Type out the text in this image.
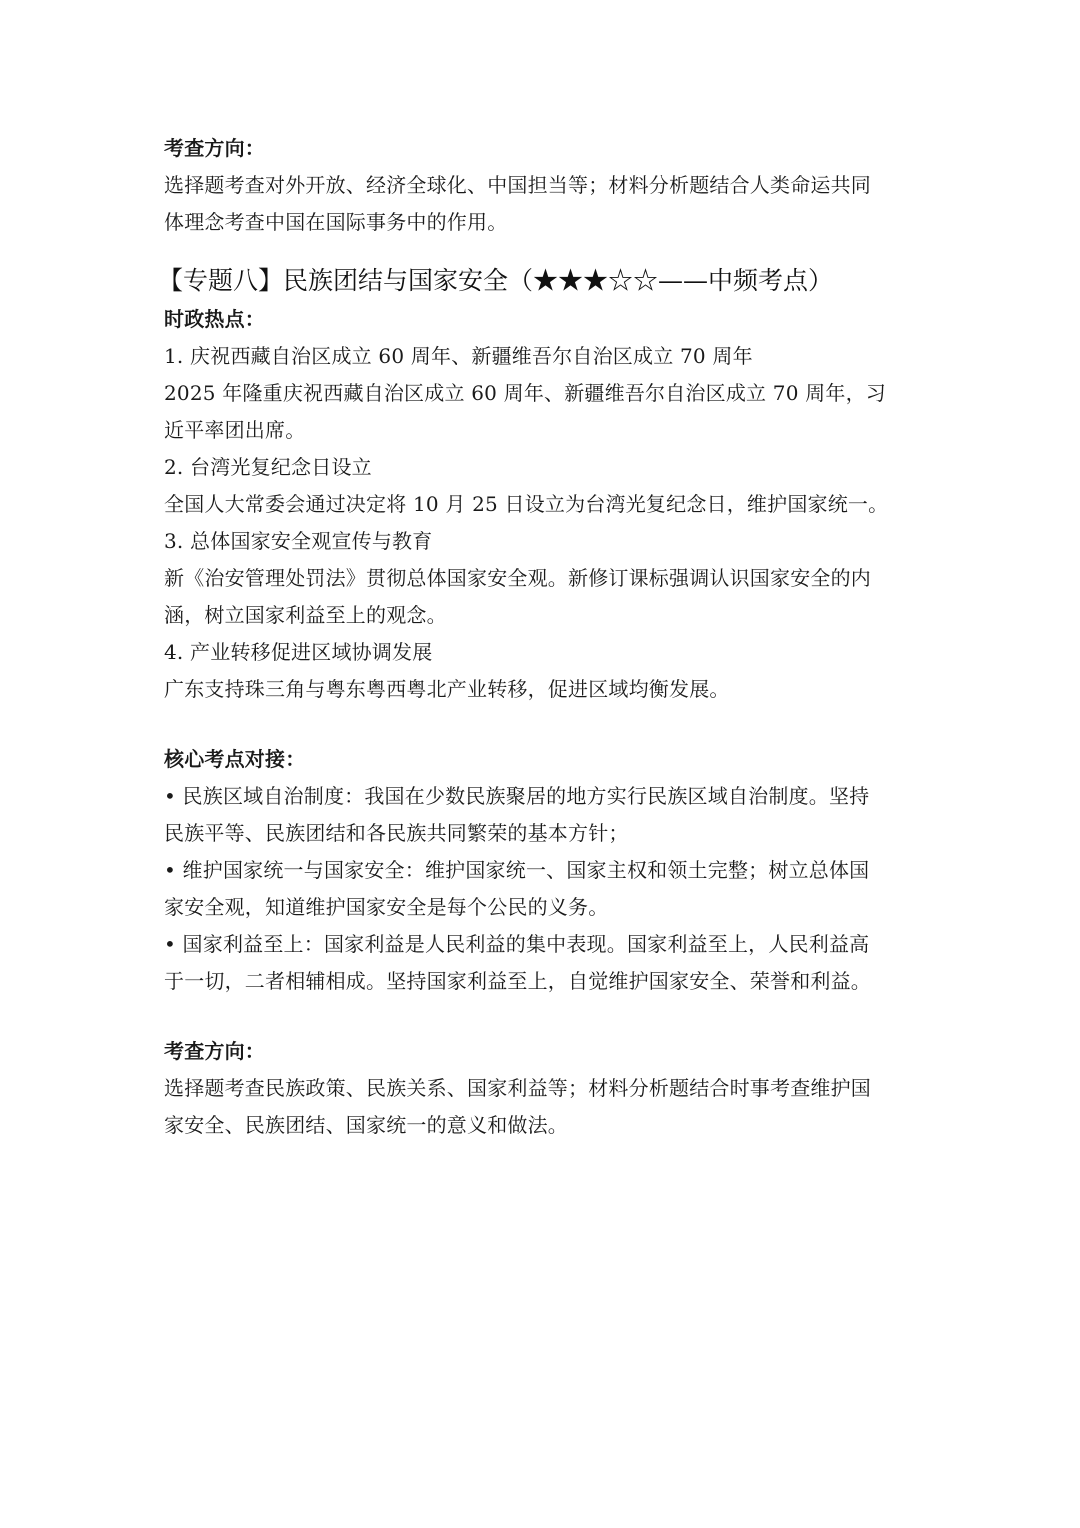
考查方向：
选择题考查对外开放、经济全球化、中国担当等；材料分析题结合人类命运共同
体理念考查中国在国际事务中的作用。
【专题八】民族团结与国家安全（★★★☆☆——中频考点）
时政热点：
1. 庆祝西藏自治区成立 60 周年、新疆维吾尔自治区成立 70 周年
2025 年隆重庆祝西藏自治区成立 60 周年、新疆维吾尔自治区成立 70 周年，习
近平率团出席。
2. 台湾光复纪念日设立
全国人大常委会通过决定将 10 月 25 日设立为台湾光复纪念日，维护国家统一。
3. 总体国家安全观宣传与教育
新《治安管理处罚法》贯彻总体国家安全观。新修订课标强调认识国家安全的内
涵，树立国家利益至上的观念。
4. 产业转移促进区域协调发展
广东支持珠三角与粤东粤西粤北产业转移，促进区域均衡发展。
核心考点对接：
• 民族区域自治制度：我国在少数民族聚居的地方实行民族区域自治制度。坚持
民族平等、民族团结和各民族共同繁荣的基本方针；
• 维护国家统一与国家安全：维护国家统一、国家主权和领土完整；树立总体国
家安全观，知道维护国家安全是每个公民的义务。
• 国家利益至上：国家利益是人民利益的集中表现。国家利益至上，人民利益高
于一切，二者相辅相成。坚持国家利益至上，自觉维护国家安全、荣誉和利益。
考查方向：
选择题考查民族政策、民族关系、国家利益等；材料分析题结合时事考查维护国
家安全、民族团结、国家统一的意义和做法。
